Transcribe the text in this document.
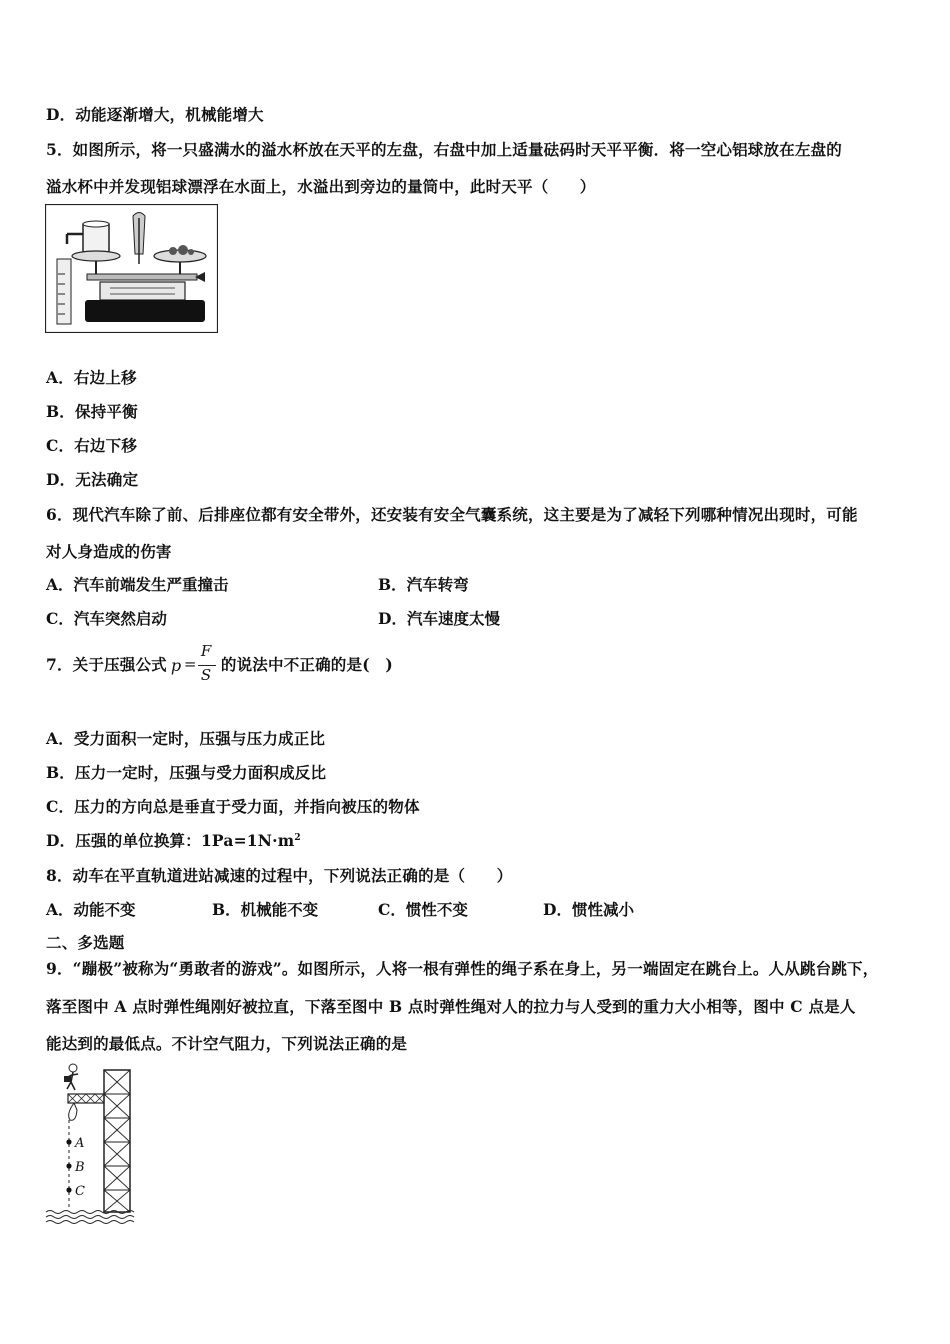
D．动能逐渐增大，机械能增大
5．如图所示，将一只盛满水的溢水杯放在天平的左盘，右盘中加上适量砝码时天平平衡．将一空心铝球放在左盘的
溢水杯中并发现铝球漂浮在水面上，水溢出到旁边的量筒中，此时天平（　　）
A．右边上移
B．保持平衡
C．右边下移
D．无法确定
6．现代汽车除了前、后排座位都有安全带外，还安装有安全气囊系统，这主要是为了减轻下列哪种情况出现时，可能
对人身造成的伤害
A．汽车前端发生严重撞击	B．汽车转弯
C．汽车突然启动	D．汽车速度太慢
7．关于压强公式 p =
F
S
的说法中不正确的是(　)
A．受力面积一定时，压强与压力成正比
B．压力一定时，压强与受力面积成反比
C．压力的方向总是垂直于受力面，并指向被压的物体
D．压强的单位换算：$1Pa=1N\cdot m^2$
8．动车在平直轨道进站减速的过程中，下列说法正确的是（　　）
A．动能不变	B．机械能不变	C．惯性不变	D．惯性减小
二、多选题
9．“蹦极”被称为“勇敢者的游戏”。如图所示，人将一根有弹性的绳子系在身上，另一端固定在跳台上。人从跳台跳下，
落至图中 A 点时弹性绳刚好被拉直，下落至图中 B 点时弹性绳对人的拉力与人受到的重力大小相等，图中 C 点是人
能达到的最低点。不计空气阻力，下列说法正确的是
A
B
C
